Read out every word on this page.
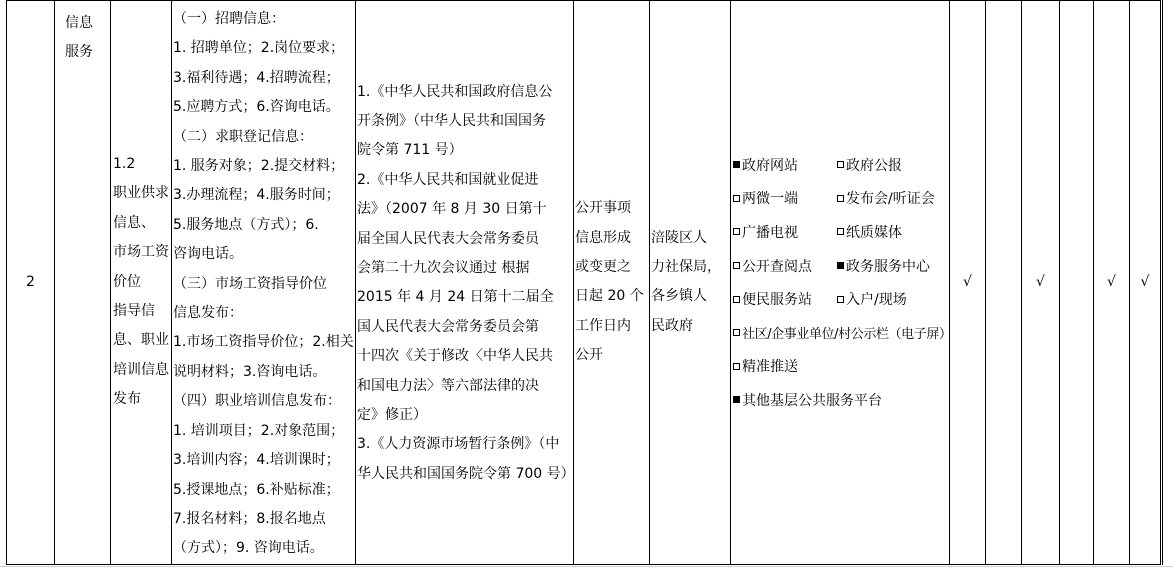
2

信息
服务

1.2
职业供求信息、
市场工资价位
指导信息、职业
培训信息发布

（一）招聘信息：
1. 招聘单位；2.岗位要求；
3.福利待遇；4.招聘流程；
5.应聘方式；6.咨询电话。
（二）求职登记信息：
1. 服务对象；2.提交材料；
3.办理流程；4.服务时间；
5.服务地点（方式）；6.
咨询电话。
（三）市场工资指导价位
信息发布：
1.市场工资指导价位；2.相关
说明材料；3.咨询电话。
（四）职业培训信息发布：
1. 培训项目；2.对象范围；
3.培训内容；4.培训课时；
5.授课地点；6.补贴标准；
7.报名材料；8.报名地点
（方式）；9. 咨询电话。

1.《中华人民共和国政府信息公
开条例》（中华人民共和国国务
院令第 711 号）
2.《中华人民共和国就业促进
法》（2007 年 8 月 30 日第十
届全国人民代表大会常务委员
会第二十九次会议通过 根据
2015 年 4 月 24 日第十二届全
国人民代表大会常务委员会第
十四次《关于修改〈中华人民共
和国电力法〉等六部法律的决
定》修正）
3.《人力资源市场暂行条例》（中
华人民共和国国务院令第 700 号）

公开事项
信息形成
或变更之
日起 20 个
工作日内
公开

涪陵区人
力社保局，
各乡镇人
民政府

政府网站	政府公报
两微一端	发布会/听证会
广播电视	纸质媒体
公开查阅点 政务服务中心
便民服务站 入户/现场
社区/企事业单位/村公示栏（电子屏）
精准推送
其他基层公共服务平台
	√		√		√	√
